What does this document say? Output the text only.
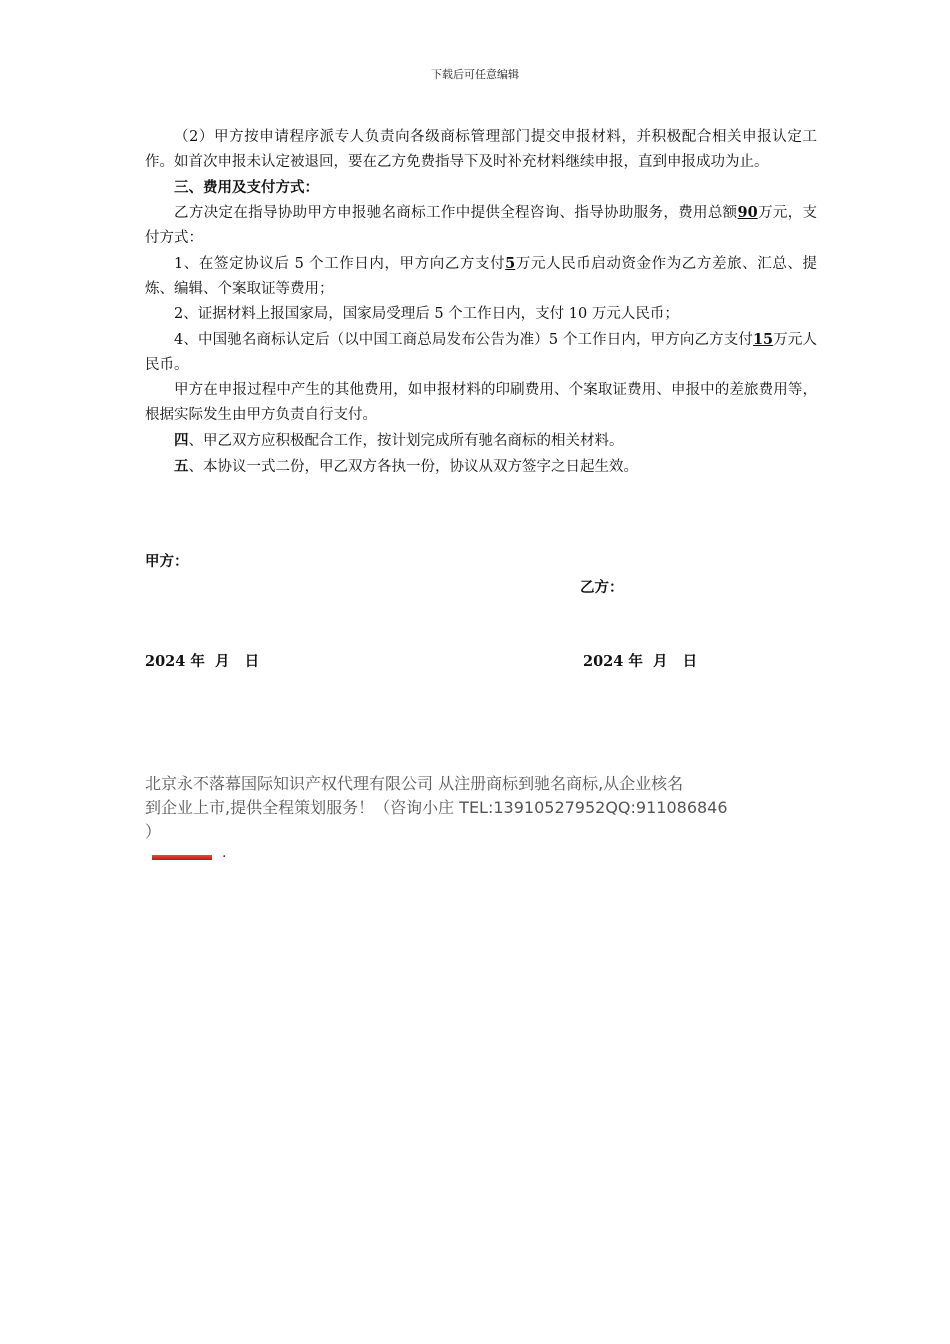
下载后可任意编辑

（2）甲方按申请程序派专人负责向各级商标管理部门提交申报材料，并积极配合相关申报认定工作。如首次申报未认定被退回，要在乙方免费指导下及时补充材料继续申报，直到申报成功为止。

三、费用及支付方式：

乙方决定在指导协助甲方申报驰名商标工作中提供全程咨询、指导协助服务，费用总额90万元，支付方式：

1、在签定协议后 5 个工作日内，甲方向乙方支付5万元人民币启动资金作为乙方差旅、汇总、提炼、编辑、个案取证等费用；

2、证据材料上报国家局，国家局受理后 5 个工作日内，支付 10 万元人民币；

4、中国驰名商标认定后（以中国工商总局发布公告为准）5 个工作日内，甲方向乙方支付15万元人民币。

甲方在申报过程中产生的其他费用，如申报材料的印刷费用、个案取证费用、申报中的差旅费用等，根据实际发生由甲方负责自行支付。

四、甲乙双方应积极配合工作，按计划完成所有驰名商标的相关材料。

五、本协议一式二份，甲乙双方各执一份，协议从双方签字之日起生效。

甲方：
乙方：
2024 年  月   日	2024 年  月   日
北京永不落幕国际知识产权代理有限公司 从注册商标到驰名商标,从企业核名
到企业上市,提供全程策划服务！（咨询小庄 TEL:13910527952QQ:911086846
）
.
